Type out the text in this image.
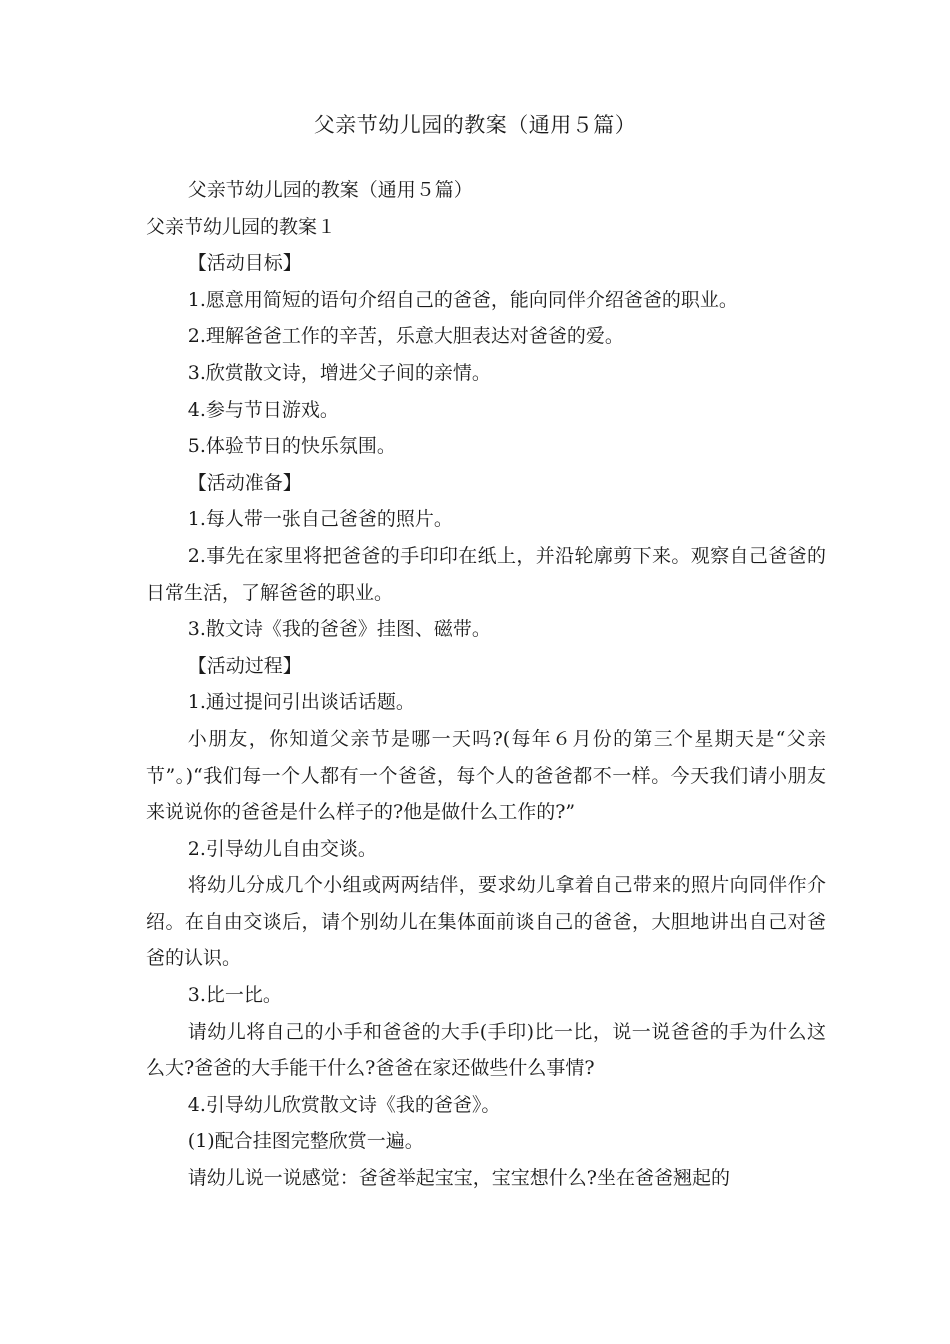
父亲节幼儿园的教案（通用５篇）

父亲节幼儿园的教案（通用５篇）

父亲节幼儿园的教案１

【活动目标】

1.愿意用简短的语句介绍自己的爸爸，能向同伴介绍爸爸的职业。

2.理解爸爸工作的辛苦，乐意大胆表达对爸爸的爱。

3.欣赏散文诗，增进父子间的亲情。

4.参与节日游戏。

5.体验节日的快乐氛围。

【活动准备】

1.每人带一张自己爸爸的照片。

2.事先在家里将把爸爸的手印印在纸上，并沿轮廓剪下来。观察自己爸爸的日常生活，了解爸爸的职业。

3.散文诗《我的爸爸》挂图、磁带。

【活动过程】

1.通过提问引出谈话话题。

小朋友，你知道父亲节是哪一天吗?(每年６月份的第三个星期天是“父亲节”。)“我们每一个人都有一个爸爸，每个人的爸爸都不一样。今天我们请小朋友来说说你的爸爸是什么样子的?他是做什么工作的?”

2.引导幼儿自由交谈。

将幼儿分成几个小组或两两结伴，要求幼儿拿着自己带来的照片向同伴作介绍。在自由交谈后，请个别幼儿在集体面前谈自己的爸爸，大胆地讲出自己对爸爸的认识。

3.比一比。

请幼儿将自己的小手和爸爸的大手(手印)比一比，说一说爸爸的手为什么这么大?爸爸的大手能干什么?爸爸在家还做些什么事情?

4.引导幼儿欣赏散文诗《我的爸爸》。

(1)配合挂图完整欣赏一遍。

请幼儿说一说感觉：爸爸举起宝宝，宝宝想什么?坐在爸爸翘起的
